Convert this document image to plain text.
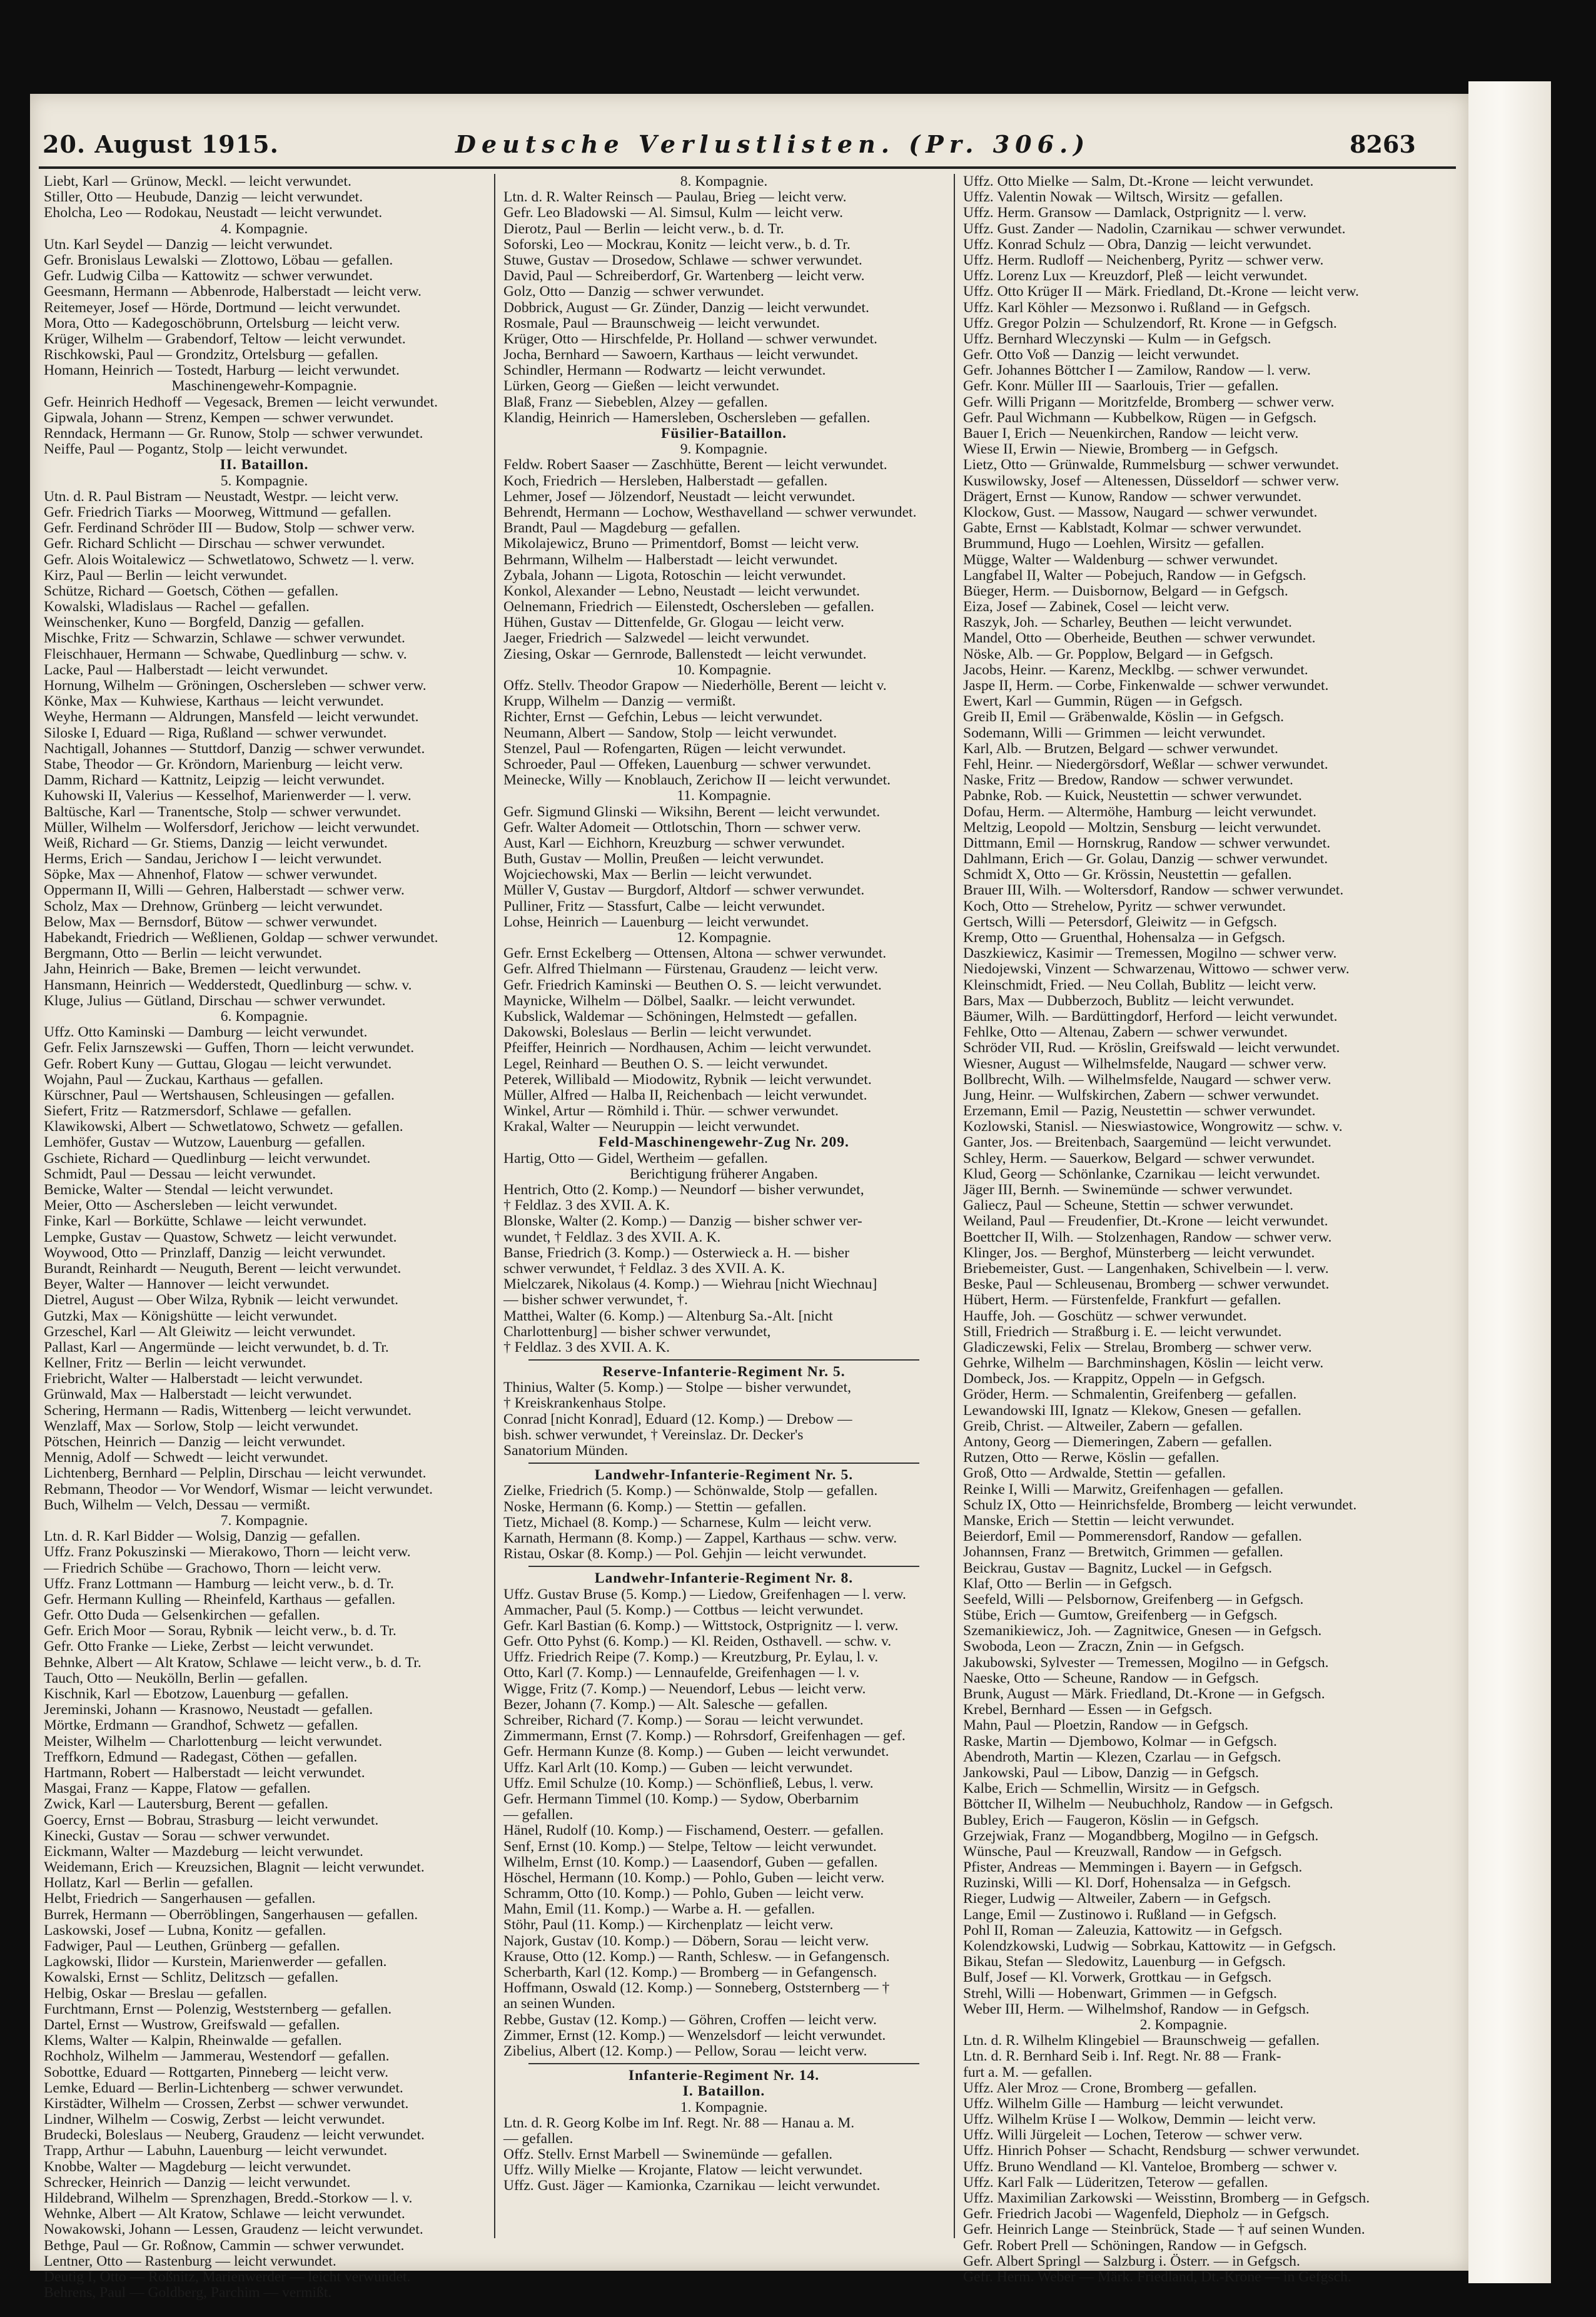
20. August 1915.	Deutsche Verlustlisten. (Pr. 306.)	8263
Liebt, Karl — Grünow, Meckl. — leicht verwundet.
Stiller, Otto — Heubude, Danzig — leicht verwundet.
Eholcha, Leo — Rodokau, Neustadt — leicht verwundet.
4. Kompagnie.
Utn. Karl Seydel — Danzig — leicht verwundet.
Gefr. Bronislaus Lewalski — Zlottowo, Löbau — gefallen.
Gefr. Ludwig Cilba — Kattowitz — schwer verwundet.
Geesmann, Hermann — Abbenrode, Halberstadt — leicht verw.
Reitemeyer, Josef — Hörde, Dortmund — leicht verwundet.
Mora, Otto — Kadegoschöbrunn, Ortelsburg — leicht verw.
Krüger, Wilhelm — Grabendorf, Teltow — leicht verwundet.
Rischkowski, Paul — Grondzitz, Ortelsburg — gefallen.
Homann, Heinrich — Tostedt, Harburg — leicht verwundet.
Maschinengewehr-Kompagnie.
Gefr. Heinrich Hedhoff — Vegesack, Bremen — leicht verwundet.
Gipwala, Johann — Strenz, Kempen — schwer verwundet.
Renndack, Hermann — Gr. Runow, Stolp — schwer verwundet.
Neiffe, Paul — Pogantz, Stolp — leicht verwundet.
II. Bataillon.
5. Kompagnie.
Utn. d. R. Paul Bistram — Neustadt, Westpr. — leicht verw.
Gefr. Friedrich Tiarks — Moorweg, Wittmund — gefallen.
Gefr. Ferdinand Schröder III — Budow, Stolp — schwer verw.
Gefr. Richard Schlicht — Dirschau — schwer verwundet.
Gefr. Alois Woitalewicz — Schwetlatowo, Schwetz — l. verw.
Kirz, Paul — Berlin — leicht verwundet.
Schütze, Richard — Goetsch, Cöthen — gefallen.
Kowalski, Wladislaus — Rachel — gefallen.
Weinschenker, Kuno — Borgfeld, Danzig — gefallen.
Mischke, Fritz — Schwarzin, Schlawe — schwer verwundet.
Fleischhauer, Hermann — Schwabe, Quedlinburg — schw. v.
Lacke, Paul — Halberstadt — leicht verwundet.
Hornung, Wilhelm — Gröningen, Oschersleben — schwer verw.
Könke, Max — Kuhwiese, Karthaus — leicht verwundet.
Weyhe, Hermann — Aldrungen, Mansfeld — leicht verwundet.
Siloske I, Eduard — Riga, Rußland — schwer verwundet.
Nachtigall, Johannes — Stuttdorf, Danzig — schwer verwundet.
Stabe, Theodor — Gr. Kröndorn, Marienburg — leicht verw.
Damm, Richard — Kattnitz, Leipzig — leicht verwundet.
Kuhowski II, Valerius — Kesselhof, Marienwerder — l. verw.
Baltüsche, Karl — Tranentsche, Stolp — schwer verwundet.
Müller, Wilhelm — Wolfersdorf, Jerichow — leicht verwundet.
Weiß, Richard — Gr. Stiems, Danzig — leicht verwundet.
Herms, Erich — Sandau, Jerichow I — leicht verwundet.
Söpke, Max — Ahnenhof, Flatow — schwer verwundet.
Oppermann II, Willi — Gehren, Halberstadt — schwer verw.
Scholz, Max — Drehnow, Grünberg — leicht verwundet.
Below, Max — Bernsdorf, Bütow — schwer verwundet.
Habekandt, Friedrich — Weßlienen, Goldap — schwer verwundet.
Bergmann, Otto — Berlin — leicht verwundet.
Jahn, Heinrich — Bake, Bremen — leicht verwundet.
Hansmann, Heinrich — Wedderstedt, Quedlinburg — schw. v.
Kluge, Julius — Gütland, Dirschau — schwer verwundet.
6. Kompagnie.
Uffz. Otto Kaminski — Damburg — leicht verwundet.
Gefr. Felix Jarnszewski — Guffen, Thorn — leicht verwundet.
Gefr. Robert Kuny — Guttau, Glogau — leicht verwundet.
Wojahn, Paul — Zuckau, Karthaus — gefallen.
Kürschner, Paul — Wertshausen, Schleusingen — gefallen.
Siefert, Fritz — Ratzmersdorf, Schlawe — gefallen.
Klawikowski, Albert — Schwetlatowo, Schwetz — gefallen.
Lemhöfer, Gustav — Wutzow, Lauenburg — gefallen.
Gschiete, Richard — Quedlinburg — leicht verwundet.
Schmidt, Paul — Dessau — leicht verwundet.
Bemicke, Walter — Stendal — leicht verwundet.
Meier, Otto — Aschersleben — leicht verwundet.
Finke, Karl — Borkütte, Schlawe — leicht verwundet.
Lempke, Gustav — Quastow, Schwetz — leicht verwundet.
Woywood, Otto — Prinzlaff, Danzig — leicht verwundet.
Burandt, Reinhardt — Neuguth, Berent — leicht verwundet.
Beyer, Walter — Hannover — leicht verwundet.
Dietrel, August — Ober Wilza, Rybnik — leicht verwundet.
Gutzki, Max — Königshütte — leicht verwundet.
Grzeschel, Karl — Alt Gleiwitz — leicht verwundet.
Pallast, Karl — Angermünde — leicht verwundet, b. d. Tr.
Kellner, Fritz — Berlin — leicht verwundet.
Friebricht, Walter — Halberstadt — leicht verwundet.
Grünwald, Max — Halberstadt — leicht verwundet.
Schering, Hermann — Radis, Wittenberg — leicht verwundet.
Wenzlaff, Max — Sorlow, Stolp — leicht verwundet.
Pötschen, Heinrich — Danzig — leicht verwundet.
Mennig, Adolf — Schwedt — leicht verwundet.
Lichtenberg, Bernhard — Pelplin, Dirschau — leicht verwundet.
Rebmann, Theodor — Vor Wendorf, Wismar — leicht verwundet.
Buch, Wilhelm — Velch, Dessau — vermißt.
7. Kompagnie.
Ltn. d. R. Karl Bidder — Wolsig, Danzig — gefallen.
Uffz. Franz Pokuszinski — Mierakowo, Thorn — leicht verw.
— Friedrich Schübe — Grachowo, Thorn — leicht verw.
Uffz. Franz Lottmann — Hamburg — leicht verw., b. d. Tr.
Gefr. Hermann Kulling — Rheinfeld, Karthaus — gefallen.
Gefr. Otto Duda — Gelsenkirchen — gefallen.
Gefr. Erich Moor — Sorau, Rybnik — leicht verw., b. d. Tr.
Gefr. Otto Franke — Lieke, Zerbst — leicht verwundet.
Behnke, Albert — Alt Kratow, Schlawe — leicht verw., b. d. Tr.
Tauch, Otto — Neukölln, Berlin — gefallen.
Kischnik, Karl — Ebotzow, Lauenburg — gefallen.
Jereminski, Johann — Krasnowo, Neustadt — gefallen.
Mörtke, Erdmann — Grandhof, Schwetz — gefallen.
Meister, Wilhelm — Charlottenburg — leicht verwundet.
Treffkorn, Edmund — Radegast, Cöthen — gefallen.
Hartmann, Robert — Halberstadt — leicht verwundet.
Masgai, Franz — Kappe, Flatow — gefallen.
Zwick, Karl — Lautersburg, Berent — gefallen.
Goercy, Ernst — Bobrau, Strasburg — leicht verwundet.
Kinecki, Gustav — Sorau — schwer verwundet.
Eickmann, Walter — Mazdeburg — leicht verwundet.
Weidemann, Erich — Kreuzsichen, Blagnit — leicht verwundet.
Hollatz, Karl — Berlin — gefallen.
Helbt, Friedrich — Sangerhausen — gefallen.
Burrek, Hermann — Oberröblingen, Sangerhausen — gefallen.
Laskowski, Josef — Lubna, Konitz — gefallen.
Fadwiger, Paul — Leuthen, Grünberg — gefallen.
Lagkowski, Ilidor — Kurstein, Marienwerder — gefallen.
Kowalski, Ernst — Schlitz, Delitzsch — gefallen.
Helbig, Oskar — Breslau — gefallen.
Furchtmann, Ernst — Polenzig, Weststernberg — gefallen.
Dartel, Ernst — Wustrow, Greifswald — gefallen.
Klems, Walter — Kalpin, Rheinwalde — gefallen.
Rochholz, Wilhelm — Jammerau, Westendorf — gefallen.
Sobottke, Eduard — Rottgarten, Pinneberg — leicht verw.
Lemke, Eduard — Berlin-Lichtenberg — schwer verwundet.
Kirstädter, Wilhelm — Crossen, Zerbst — schwer verwundet.
Lindner, Wilhelm — Coswig, Zerbst — leicht verwundet.
Brudecki, Boleslaus — Neuberg, Graudenz — leicht verwundet.
Trapp, Arthur — Labuhn, Lauenburg — leicht verwundet.
Knobbe, Walter — Magdeburg — leicht verwundet.
Schrecker, Heinrich — Danzig — leicht verwundet.
Hildebrand, Wilhelm — Sprenzhagen, Bredd.-Storkow — l. v.
Wehnke, Albert — Alt Kratow, Schlawe — leicht verwundet.
Nowakowski, Johann — Lessen, Graudenz — leicht verwundet.
Bethge, Paul — Gr. Roßnow, Cammin — schwer verwundet.
Lentner, Otto — Rastenburg — leicht verwundet.
Deutig I, Otto — Roßnitz, Marienwerder — leicht verwundet.
Behrens, Paul — Goldberg, Parchim — vermißt.
8. Kompagnie.
Ltn. d. R. Walter Reinsch — Paulau, Brieg — leicht verw.
Gefr. Leo Bladowski — Al. Simsul, Kulm — leicht verw.
Dierotz, Paul — Berlin — leicht verw., b. d. Tr.
Soforski, Leo — Mockrau, Konitz — leicht verw., b. d. Tr.
Stuwe, Gustav — Drosedow, Schlawe — schwer verwundet.
David, Paul — Schreiberdorf, Gr. Wartenberg — leicht verw.
Golz, Otto — Danzig — schwer verwundet.
Dobbrick, August — Gr. Zünder, Danzig — leicht verwundet.
Rosmale, Paul — Braunschweig — leicht verwundet.
Krüger, Otto — Hirschfelde, Pr. Holland — schwer verwundet.
Jocha, Bernhard — Sawoern, Karthaus — leicht verwundet.
Schindler, Hermann — Rodwartz — leicht verwundet.
Lürken, Georg — Gießen — leicht verwundet.
Blaß, Franz — Siebeblen, Alzey — gefallen.
Klandig, Heinrich — Hamersleben, Oschersleben — gefallen.
Füsilier-Bataillon.
9. Kompagnie.
Feldw. Robert Saaser — Zaschhütte, Berent — leicht verwundet.
Koch, Friedrich — Hersleben, Halberstadt — gefallen.
Lehmer, Josef — Jölzendorf, Neustadt — leicht verwundet.
Behrendt, Hermann — Lochow, Westhavelland — schwer verwundet.
Brandt, Paul — Magdeburg — gefallen.
Mikolajewicz, Bruno — Primentdorf, Bomst — leicht verw.
Behrmann, Wilhelm — Halberstadt — leicht verwundet.
Zybala, Johann — Ligota, Rotoschin — leicht verwundet.
Konkol, Alexander — Lebno, Neustadt — leicht verwundet.
Oelnemann, Friedrich — Eilenstedt, Oschersleben — gefallen.
Hühen, Gustav — Dittenfelde, Gr. Glogau — leicht verw.
Jaeger, Friedrich — Salzwedel — leicht verwundet.
Ziesing, Oskar — Gernrode, Ballenstedt — leicht verwundet.
10. Kompagnie.
Offz. Stellv. Theodor Grapow — Niederhölle, Berent — leicht v.
Krupp, Wilhelm — Danzig — vermißt.
Richter, Ernst — Gefchin, Lebus — leicht verwundet.
Neumann, Albert — Sandow, Stolp — leicht verwundet.
Stenzel, Paul — Rofengarten, Rügen — leicht verwundet.
Schroeder, Paul — Offeken, Lauenburg — schwer verwundet.
Meinecke, Willy — Knoblauch, Zerichow II — leicht verwundet.
11. Kompagnie.
Gefr. Sigmund Glinski — Wiksihn, Berent — leicht verwundet.
Gefr. Walter Adomeit — Ottlotschin, Thorn — schwer verw.
Aust, Karl — Eichhorn, Kreuzburg — schwer verwundet.
Buth, Gustav — Mollin, Preußen — leicht verwundet.
Wojciechowski, Max — Berlin — leicht verwundet.
Müller V, Gustav — Burgdorf, Altdorf — schwer verwundet.
Pulliner, Fritz — Stassfurt, Calbe — leicht verwundet.
Lohse, Heinrich — Lauenburg — leicht verwundet.
12. Kompagnie.
Gefr. Ernst Eckelberg — Ottensen, Altona — schwer verwundet.
Gefr. Alfred Thielmann — Fürstenau, Graudenz — leicht verw.
Gefr. Friedrich Kaminski — Beuthen O. S. — leicht verwundet.
Maynicke, Wilhelm — Dölbel, Saalkr. — leicht verwundet.
Kubslick, Waldemar — Schöningen, Helmstedt — gefallen.
Dakowski, Boleslaus — Berlin — leicht verwundet.
Pfeiffer, Heinrich — Nordhausen, Achim — leicht verwundet.
Legel, Reinhard — Beuthen O. S. — leicht verwundet.
Peterek, Willibald — Miodowitz, Rybnik — leicht verwundet.
Müller, Alfred — Halba II, Reichenbach — leicht verwundet.
Winkel, Artur — Römhild i. Thür. — schwer verwundet.
Krakal, Walter — Neuruppin — leicht verwundet.
Feld-Maschinengewehr-Zug Nr. 209.
Hartig, Otto — Gidel, Wertheim — gefallen.
Berichtigung früherer Angaben.
Hentrich, Otto (2. Komp.) — Neundorf — bisher verwundet,
† Feldlaz. 3 des XVII. A. K.
Blonske, Walter (2. Komp.) — Danzig — bisher schwer ver-
wundet, † Feldlaz. 3 des XVII. A. K.
Banse, Friedrich (3. Komp.) — Osterwieck a. H. — bisher
schwer verwundet, † Feldlaz. 3 des XVII. A. K.
Mielczarek, Nikolaus (4. Komp.) — Wiehrau [nicht Wiechnau]
— bisher schwer verwundet, †.
Matthei, Walter (6. Komp.) — Altenburg Sa.-Alt. [nicht
Charlottenburg] — bisher schwer verwundet,
† Feldlaz. 3 des XVII. A. K.
Reserve-Infanterie-Regiment Nr. 5.
Thinius, Walter (5. Komp.) — Stolpe — bisher verwundet,
† Kreiskrankenhaus Stolpe.
Conrad [nicht Konrad], Eduard (12. Komp.) — Drebow —
bish. schwer verwundet, † Vereinslaz. Dr. Decker's
Sanatorium Münden.
Landwehr-Infanterie-Regiment Nr. 5.
Zielke, Friedrich (5. Komp.) — Schönwalde, Stolp — gefallen.
Noske, Hermann (6. Komp.) — Stettin — gefallen.
Tietz, Michael (8. Komp.) — Scharnese, Kulm — leicht verw.
Karnath, Hermann (8. Komp.) — Zappel, Karthaus — schw. verw.
Ristau, Oskar (8. Komp.) — Pol. Gehjin — leicht verwundet.
Landwehr-Infanterie-Regiment Nr. 8.
Uffz. Gustav Bruse (5. Komp.) — Liedow, Greifenhagen — l. verw.
Ammacher, Paul (5. Komp.) — Cottbus — leicht verwundet.
Gefr. Karl Bastian (6. Komp.) — Wittstock, Ostprignitz — l. verw.
Gefr. Otto Pyhst (6. Komp.) — Kl. Reiden, Osthavell. — schw. v.
Uffz. Friedrich Reipe (7. Komp.) — Kreutzburg, Pr. Eylau, l. v.
Otto, Karl (7. Komp.) — Lennaufelde, Greifenhagen — l. v.
Wigge, Fritz (7. Komp.) — Neuendorf, Lebus — leicht verw.
Bezer, Johann (7. Komp.) — Alt. Salesche — gefallen.
Schreiber, Richard (7. Komp.) — Sorau — leicht verwundet.
Zimmermann, Ernst (7. Komp.) — Rohrsdorf, Greifenhagen — gef.
Gefr. Hermann Kunze (8. Komp.) — Guben — leicht verwundet.
Uffz. Karl Arlt (10. Komp.) — Guben — leicht verwundet.
Uffz. Emil Schulze (10. Komp.) — Schönfließ, Lebus, l. verw.
Gefr. Hermann Timmel (10. Komp.) — Sydow, Oberbarnim
— gefallen.
Hänel, Rudolf (10. Komp.) — Fischamend, Oesterr. — gefallen.
Senf, Ernst (10. Komp.) — Stelpe, Teltow — leicht verwundet.
Wilhelm, Ernst (10. Komp.) — Laasendorf, Guben — gefallen.
Höschel, Hermann (10. Komp.) — Pohlo, Guben — leicht verw.
Schramm, Otto (10. Komp.) — Pohlo, Guben — leicht verw.
Mahn, Emil (11. Komp.) — Warbe a. H. — gefallen.
Stöhr, Paul (11. Komp.) — Kirchenplatz — leicht verw.
Najork, Gustav (10. Komp.) — Döbern, Sorau — leicht verw.
Krause, Otto (12. Komp.) — Ranth, Schlesw. — in Gefangensch.
Scherbarth, Karl (12. Komp.) — Bromberg — in Gefangensch.
Hoffmann, Oswald (12. Komp.) — Sonneberg, Oststernberg — †
an seinen Wunden.
Rebbe, Gustav (12. Komp.) — Göhren, Croffen — leicht verw.
Zimmer, Ernst (12. Komp.) — Wenzelsdorf — leicht verwundet.
Zibelius, Albert (12. Komp.) — Pellow, Sorau — leicht verw.
Infanterie-Regiment Nr. 14.
I. Bataillon.
1. Kompagnie.
Ltn. d. R. Georg Kolbe im Inf. Regt. Nr. 88 — Hanau a. M.
— gefallen.
Offz. Stellv. Ernst Marbell — Swinemünde — gefallen.
Uffz. Willy Mielke — Krojante, Flatow — leicht verwundet.
Uffz. Gust. Jäger — Kamionka, Czarnikau — leicht verwundet.
Uffz. Otto Mielke — Salm, Dt.-Krone — leicht verwundet.
Uffz. Valentin Nowak — Wiltsch, Wirsitz — gefallen.
Uffz. Herm. Gransow — Damlack, Ostprignitz — l. verw.
Uffz. Gust. Zander — Nadolin, Czarnikau — schwer verwundet.
Uffz. Konrad Schulz — Obra, Danzig — leicht verwundet.
Uffz. Herm. Rudloff — Neichenberg, Pyritz — schwer verw.
Uffz. Lorenz Lux — Kreuzdorf, Pleß — leicht verwundet.
Uffz. Otto Krüger II — Märk. Friedland, Dt.-Krone — leicht verw.
Uffz. Karl Köhler — Mezsonwo i. Rußland — in Gefgsch.
Uffz. Gregor Polzin — Schulzendorf, Rt. Krone — in Gefgsch.
Uffz. Bernhard Wleczynski — Kulm — in Gefgsch.
Gefr. Otto Voß — Danzig — leicht verwundet.
Gefr. Johannes Böttcher I — Zamilow, Randow — l. verw.
Gefr. Konr. Müller III — Saarlouis, Trier — gefallen.
Gefr. Willi Prigann — Moritzfelde, Bromberg — schwer verw.
Gefr. Paul Wichmann — Kubbelkow, Rügen — in Gefgsch.
Bauer I, Erich — Neuenkirchen, Randow — leicht verw.
Wiese II, Erwin — Niewie, Bromberg — in Gefgsch.
Lietz, Otto — Grünwalde, Rummelsburg — schwer verwundet.
Kuswilowsky, Josef — Altenessen, Düsseldorf — schwer verw.
Drägert, Ernst — Kunow, Randow — schwer verwundet.
Klockow, Gust. — Massow, Naugard — schwer verwundet.
Gabte, Ernst — Kablstadt, Kolmar — schwer verwundet.
Brummund, Hugo — Loehlen, Wirsitz — gefallen.
Mügge, Walter — Waldenburg — schwer verwundet.
Langfabel II, Walter — Pobejuch, Randow — in Gefgsch.
Büeger, Herm. — Duisbornow, Belgard — in Gefgsch.
Eiza, Josef — Zabinek, Cosel — leicht verw.
Raszyk, Joh. — Scharley, Beuthen — leicht verwundet.
Mandel, Otto — Oberheide, Beuthen — schwer verwundet.
Nöske, Alb. — Gr. Popplow, Belgard — in Gefgsch.
Jacobs, Heinr. — Karenz, Mecklbg. — schwer verwundet.
Jaspe II, Herm. — Corbe, Finkenwalde — schwer verwundet.
Ewert, Karl — Gummin, Rügen — in Gefgsch.
Greib II, Emil — Gräbenwalde, Köslin — in Gefgsch.
Sodemann, Willi — Grimmen — leicht verwundet.
Karl, Alb. — Brutzen, Belgard — schwer verwundet.
Fehl, Heinr. — Niedergörsdorf, Weßlar — schwer verwundet.
Naske, Fritz — Bredow, Randow — schwer verwundet.
Pabnke, Rob. — Kuick, Neustettin — schwer verwundet.
Dofau, Herm. — Altermöhe, Hamburg — leicht verwundet.
Meltzig, Leopold — Moltzin, Sensburg — leicht verwundet.
Dittmann, Emil — Hornskrug, Randow — schwer verwundet.
Dahlmann, Erich — Gr. Golau, Danzig — schwer verwundet.
Schmidt X, Otto — Gr. Krössin, Neustettin — gefallen.
Brauer III, Wilh. — Woltersdorf, Randow — schwer verwundet.
Koch, Otto — Strehelow, Pyritz — schwer verwundet.
Gertsch, Willi — Petersdorf, Gleiwitz — in Gefgsch.
Kremp, Otto — Gruenthal, Hohensalza — in Gefgsch.
Daszkiewicz, Kasimir — Tremessen, Mogilno — schwer verw.
Niedojewski, Vinzent — Schwarzenau, Wittowo — schwer verw.
Kleinschmidt, Fried. — Neu Collah, Bublitz — leicht verw.
Bars, Max — Dubberzoch, Bublitz — leicht verwundet.
Bäumer, Wilh. — Bardüttingdorf, Herford — leicht verwundet.
Fehlke, Otto — Altenau, Zabern — schwer verwundet.
Schröder VII, Rud. — Kröslin, Greifswald — leicht verwundet.
Wiesner, August — Wilhelmsfelde, Naugard — schwer verw.
Bollbrecht, Wilh. — Wilhelmsfelde, Naugard — schwer verw.
Jung, Heinr. — Wulfskirchen, Zabern — schwer verwundet.
Erzemann, Emil — Pazig, Neustettin — schwer verwundet.
Kozlowski, Stanisl. — Nieswiastowice, Wongrowitz — schw. v.
Ganter, Jos. — Breitenbach, Saargemünd — leicht verwundet.
Schley, Herm. — Sauerkow, Belgard — schwer verwundet.
Klud, Georg — Schönlanke, Czarnikau — leicht verwundet.
Jäger III, Bernh. — Swinemünde — schwer verwundet.
Galiecz, Paul — Scheune, Stettin — schwer verwundet.
Weiland, Paul — Freudenfier, Dt.-Krone — leicht verwundet.
Boettcher II, Wilh. — Stolzenhagen, Randow — schwer verw.
Klinger, Jos. — Berghof, Münsterberg — leicht verwundet.
Briebemeister, Gust. — Langenhaken, Schivelbein — l. verw.
Beske, Paul — Schleusenau, Bromberg — schwer verwundet.
Hübert, Herm. — Fürstenfelde, Frankfurt — gefallen.
Hauffe, Joh. — Goschütz — schwer verwundet.
Still, Friedrich — Straßburg i. E. — leicht verwundet.
Gladiczewski, Felix — Strelau, Bromberg — schwer verw.
Gehrke, Wilhelm — Barchminshagen, Köslin — leicht verw.
Dombeck, Jos. — Krappitz, Oppeln — in Gefgsch.
Gröder, Herm. — Schmalentin, Greifenberg — gefallen.
Lewandowski III, Ignatz — Klekow, Gnesen — gefallen.
Greib, Christ. — Altweiler, Zabern — gefallen.
Antony, Georg — Diemeringen, Zabern — gefallen.
Rutzen, Otto — Rerwe, Köslin — gefallen.
Groß, Otto — Ardwalde, Stettin — gefallen.
Reinke I, Willi — Marwitz, Greifenhagen — gefallen.
Schulz IX, Otto — Heinrichsfelde, Bromberg — leicht verwundet.
Manske, Erich — Stettin — leicht verwundet.
Beierdorf, Emil — Pommerensdorf, Randow — gefallen.
Johannsen, Franz — Bretwitch, Grimmen — gefallen.
Beickrau, Gustav — Bagnitz, Luckel — in Gefgsch.
Klaf, Otto — Berlin — in Gefgsch.
Seefeld, Willi — Pelsbornow, Greifenberg — in Gefgsch.
Stübe, Erich — Gumtow, Greifenberg — in Gefgsch.
Szemanikiewicz, Joh. — Zagnitwice, Gnesen — in Gefgsch.
Swoboda, Leon — Zraczn, Znin — in Gefgsch.
Jakubowski, Sylvester — Tremessen, Mogilno — in Gefgsch.
Naeske, Otto — Scheune, Randow — in Gefgsch.
Brunk, August — Märk. Friedland, Dt.-Krone — in Gefgsch.
Krebel, Bernhard — Essen — in Gefgsch.
Mahn, Paul — Ploetzin, Randow — in Gefgsch.
Raske, Martin — Djembowo, Kolmar — in Gefgsch.
Abendroth, Martin — Klezen, Czarlau — in Gefgsch.
Jankowski, Paul — Libow, Danzig — in Gefgsch.
Kalbe, Erich — Schmellin, Wirsitz — in Gefgsch.
Böttcher II, Wilhelm — Neubuchholz, Randow — in Gefgsch.
Bubley, Erich — Faugeron, Köslin — in Gefgsch.
Grzejwiak, Franz — Mogandbberg, Mogilno — in Gefgsch.
Wünsche, Paul — Kreuzwall, Randow — in Gefgsch.
Pfister, Andreas — Memmingen i. Bayern — in Gefgsch.
Ruzinski, Willi — Kl. Dorf, Hohensalza — in Gefgsch.
Rieger, Ludwig — Altweiler, Zabern — in Gefgsch.
Lange, Emil — Zustinowo i. Rußland — in Gefgsch.
Pohl II, Roman — Zaleuzia, Kattowitz — in Gefgsch.
Kolendzkowski, Ludwig — Sobrkau, Kattowitz — in Gefgsch.
Bikau, Stefan — Sledowitz, Lauenburg — in Gefgsch.
Bulf, Josef — Kl. Vorwerk, Grottkau — in Gefgsch.
Strehl, Willi — Hobenwart, Grimmen — in Gefgsch.
Weber III, Herm. — Wilhelmshof, Randow — in Gefgsch.
2. Kompagnie.
Ltn. d. R. Wilhelm Klingebiel — Braunschweig — gefallen.
Ltn. d. R. Bernhard Seib i. Inf. Regt. Nr. 88 — Frank-
furt a. M. — gefallen.
Uffz. Aler Mroz — Crone, Bromberg — gefallen.
Uffz. Wilhelm Gille — Hamburg — leicht verwundet.
Uffz. Wilhelm Krüse I — Wolkow, Demmin — leicht verw.
Uffz. Willi Jürgeleit — Lochen, Teterow — schwer verw.
Uffz. Hinrich Pohser — Schacht, Rendsburg — schwer verwundet.
Uffz. Bruno Wendland — Kl. Vanteloe, Bromberg — schwer v.
Uffz. Karl Falk — Lüderitzen, Teterow — gefallen.
Uffz. Maximilian Zarkowski — Weisstinn, Bromberg — in Gefgsch.
Gefr. Friedrich Jacobi — Wagenfeld, Diepholz — in Gefgsch.
Gefr. Heinrich Lange — Steinbrück, Stade — † auf seinen Wunden.
Gefr. Robert Prell — Schöningen, Randow — in Gefgsch.
Gefr. Albert Springl — Salzburg i. Österr. — in Gefgsch.
Gefr. Herm. Weber — Märk. Friedland, Dt.-Krone — in Gefgsch.
